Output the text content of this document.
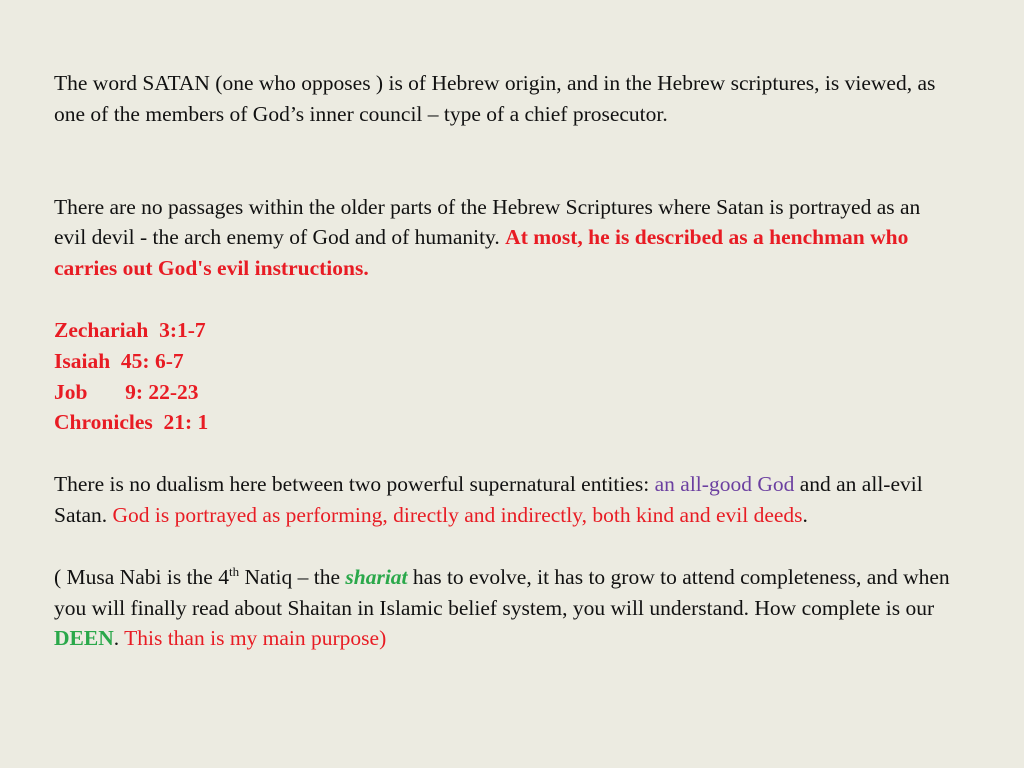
The word SATAN (one who opposes ) is of Hebrew origin, and in the Hebrew scriptures, is viewed, as one of the members of God’s inner council – type of a chief prosecutor.

There are no passages within the older parts of the Hebrew Scriptures where Satan is portrayed as an evil devil - the arch enemy of God and of humanity. At most, he is described as a henchman who carries out God's evil instructions.

Zechariah  3:1-7

Isaiah  45: 6-7

Job       9: 22-23

Chronicles  21: 1

There is no dualism here between two powerful supernatural entities: an all-good God and an all-evil Satan. God is portrayed as performing, directly and indirectly, both kind and evil deeds.

( Musa Nabi is the 4th Natiq – the shariat has to evolve, it has to grow to attend completeness, and when you will finally read about Shaitan in Islamic belief system, you will understand. How complete is our DEEN. This than is my main purpose)
